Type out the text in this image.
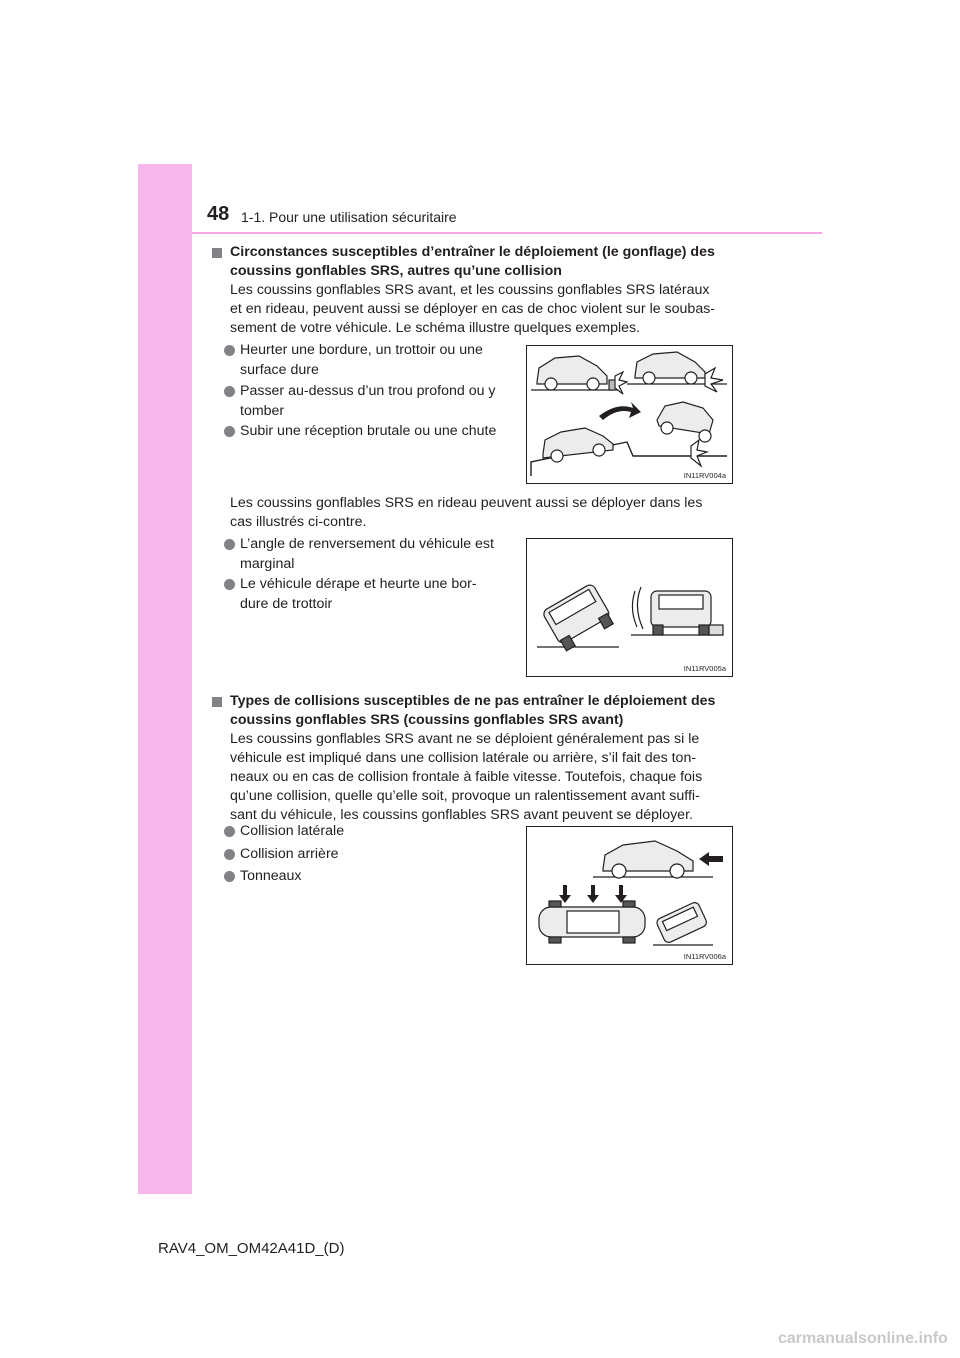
48 1-1. Pour une utilisation sécuritaire
Circonstances susceptibles d’entraîner le déploiement (le gonflage) des
coussins gonflables SRS, autres qu’une collision
Les coussins gonflables SRS avant, et les coussins gonflables SRS latéraux
et en rideau, peuvent aussi se déployer en cas de choc violent sur le soubas-
sement de votre véhicule. Le schéma illustre quelques exemples.
Heurter une bordure, un trottoir ou une
surface dure
Passer au-dessus d’un trou profond ou y
tomber
Subir une réception brutale ou une chute
IN11RV004a
Les coussins gonflables SRS en rideau peuvent aussi se déployer dans les
cas illustrés ci-contre.
L’angle de renversement du véhicule est
marginal
Le véhicule dérape et heurte une bor-
dure de trottoir
IN11RV005a
Types de collisions susceptibles de ne pas entraîner le déploiement des
coussins gonflables SRS (coussins gonflables SRS avant)
Les coussins gonflables SRS avant ne se déploient généralement pas si le
véhicule est impliqué dans une collision latérale ou arrière, s’il fait des ton-
neaux ou en cas de collision frontale à faible vitesse. Toutefois, chaque fois
qu’une collision, quelle qu’elle soit, provoque un ralentissement avant suffi-
sant du véhicule, les coussins gonflables SRS avant peuvent se déployer.
Collision latérale
Collision arrière
Tonneaux
IN11RV006a
RAV4_OM_OM42A41D_(D)
carmanualsonline.info
